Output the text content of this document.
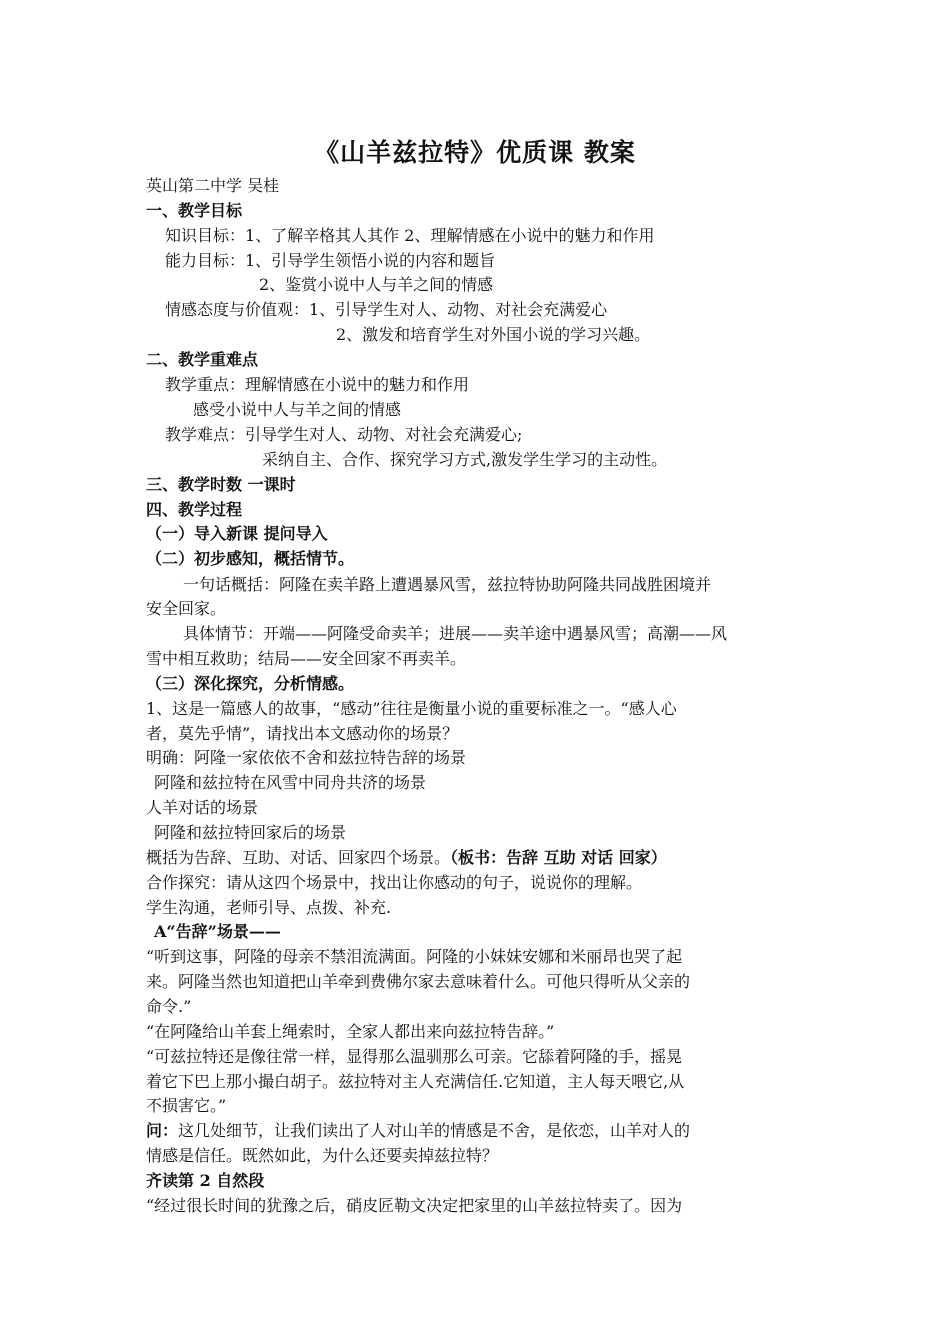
《山羊兹拉特》优质课 教案
英山第二中学 吴桂
一、教学目标
知识目标：1、了解辛格其人其作 2、理解情感在小说中的魅力和作用
能力目标：1、引导学生领悟小说的内容和题旨
2、鉴赏小说中人与羊之间的情感
情感态度与价值观：1、引导学生对人、动物、对社会充满爱心
2、激发和培育学生对外国小说的学习兴趣。
二、教学重难点
教学重点：理解情感在小说中的魅力和作用
感受小说中人与羊之间的情感
教学难点：引导学生对人、动物、对社会充满爱心;
采纳自主、合作、探究学习方式,激发学生学习的主动性。
三、教学时数 一课时
四、教学过程
（一）导入新课 提问导入
（二）初步感知，概括情节。
一句话概括：阿隆在卖羊路上遭遇暴风雪，兹拉特协助阿隆共同战胜困境并
安全回家。
具体情节：开端——阿隆受命卖羊；进展——卖羊途中遇暴风雪；高潮——风
雪中相互救助；结局——安全回家不再卖羊。
（三）深化探究，分析情感。
1、这是一篇感人的故事，“感动”往往是衡量小说的重要标准之一。“感人心
者，莫先乎情”，请找出本文感动你的场景？
明确：阿隆一家依依不舍和兹拉特告辞的场景
阿隆和兹拉特在风雪中同舟共济的场景
人羊对话的场景
阿隆和兹拉特回家后的场景
概括为告辞、互助、对话、回家四个场景。（板书：告辞 互助 对话 回家）
合作探究：请从这四个场景中，找出让你感动的句子，说说你的理解。
学生沟通，老师引导、点拨、补充.
A“告辞”场景——
“听到这事，阿隆的母亲不禁泪流满面。阿隆的小妹妹安娜和米丽昂也哭了起
来。阿隆当然也知道把山羊牵到费佛尔家去意味着什么。可他只得听从父亲的
命令.”
“在阿隆给山羊套上绳索时，全家人都出来向兹拉特告辞。”
“可兹拉特还是像往常一样，显得那么温驯那么可亲。它舔着阿隆的手，摇晃
着它下巴上那小撮白胡子。兹拉特对主人充满信任.它知道，主人每天喂它,从
不损害它。”
问：这几处细节，让我们读出了人对山羊的情感是不舍，是依恋，山羊对人的
情感是信任。既然如此，为什么还要卖掉兹拉特？
齐读第 2 自然段
“经过很长时间的犹豫之后，硝皮匠勒文决定把家里的山羊兹拉特卖了。因为
